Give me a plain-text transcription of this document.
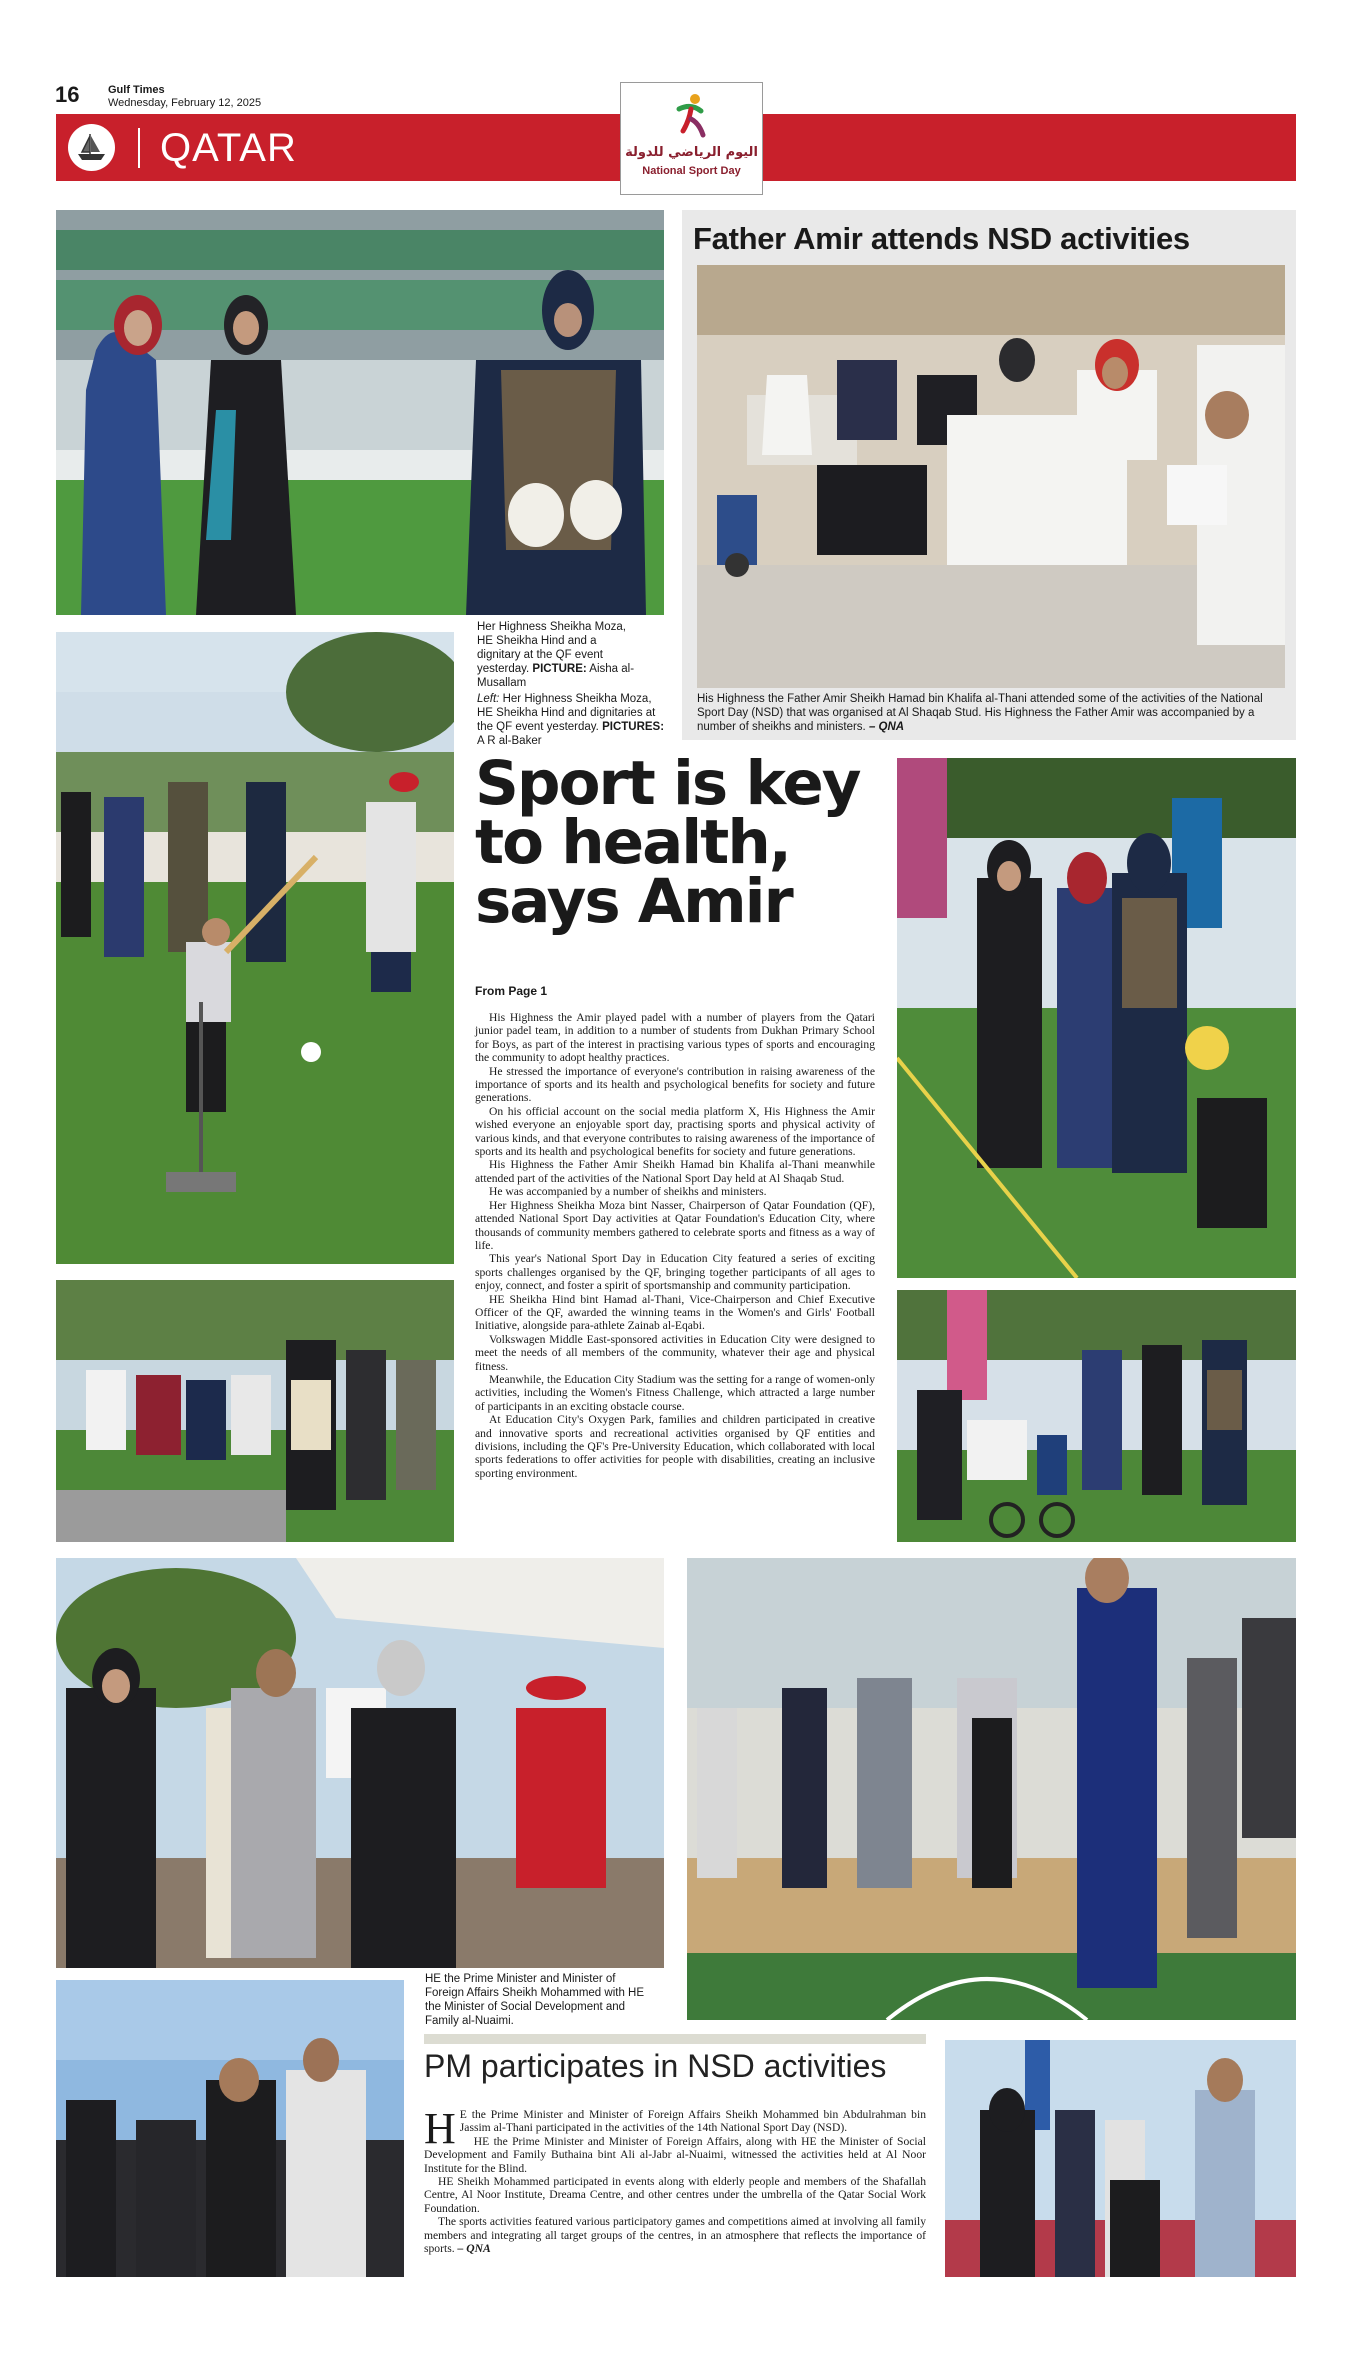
16	Gulf Times
Wednesday, February 12, 2025
QATAR	اليوم الرياضي للدولة
National Sport Day
Father Amir attends NSD activities
His Highness the Father Amir Sheikh Hamad bin Khalifa al-Thani attended some of the activities of the National Sport Day (NSD) that was organised at Al Shaqab Stud. His Highness the Father Amir was accompanied by a number of sheikhs and ministers. – QNA
Her Highness Sheikha Moza, HE Sheikha Hind and a dignitary at the QF event yesterday. PICTURE: Aisha al-Musallam
Left: Her Highness Sheikha Moza, HE Sheikha Hind and dignitaries at the QF event yesterday. PICTURES: A R al-Baker
Sport is key to health, says Amir
From Page 1

His Highness the Amir played padel with a number of players from the Qatari junior padel team, in addition to a number of students from Dukhan Primary School for Boys, as part of the interest in practising various types of sports and encouraging the community to adopt healthy practices.

He stressed the importance of everyone's contribution in raising awareness of the importance of sports and its health and psychological benefits for society and future generations.

On his official account on the social media platform X, His Highness the Amir wished everyone an enjoyable sport day, practising sports and physical activity of various kinds, and that everyone contributes to raising awareness of the importance of sports and its health and psychological benefits for society and future generations.

His Highness the Father Amir Sheikh Hamad bin Khalifa al-Thani meanwhile attended part of the activities of the National Sport Day held at Al Shaqab Stud.

He was accompanied by a number of sheikhs and ministers.

Her Highness Sheikha Moza bint Nasser, Chairperson of Qatar Foundation (QF), attended National Sport Day activities at Qatar Foundation's Education City, where thousands of community members gathered to celebrate sports and fitness as a way of life.

This year's National Sport Day in Education City featured a series of exciting sports challenges organised by the QF, bringing together participants of all ages to enjoy, connect, and foster a spirit of sportsmanship and community participation.

HE Sheikha Hind bint Hamad al-Thani, Vice-Chairperson and Chief Executive Officer of the QF, awarded the winning teams in the Women's and Girls' Football Initiative, alongside para-athlete Zainab al-Eqabi.

Volkswagen Middle East-sponsored activities in Education City were designed to meet the needs of all members of the community, whatever their age and physical fitness.

Meanwhile, the Education City Stadium was the setting for a range of women-only activities, including the Women's Fitness Challenge, which attracted a large number of participants in an exciting obstacle course.

At Education City's Oxygen Park, families and children participated in creative and innovative sports and recreational activities organised by QF entities and divisions, including the QF's Pre-University Education, which collaborated with local sports federations to offer activities for people with disabilities, creating an inclusive sporting environment.

HE the Prime Minister and Minister of Foreign Affairs Sheikh Mohammed with HE the Minister of Social Development and Family al-Nuaimi.
PM participates in NSD activities

H E the Prime Minister and Minister of Foreign Affairs Sheikh Mohammed bin Abdulrahman bin Jassim al-Thani participated in the activities of the 14th National Sport Day (NSD).

HE the Prime Minister and Minister of Foreign Affairs, along with HE the Minister of Social Development and Family Buthaina bint Ali al-Jabr al-Nuaimi, witnessed the activities held at Al Noor Institute for the Blind.

HE Sheikh Mohammed participated in events along with elderly people and members of the Shafallah Centre, Al Noor Institute, Dreama Centre, and other centres under the umbrella of the Qatar Social Work Foundation.

The sports activities featured various participatory games and competitions aimed at involving all family members and integrating all target groups of the centres, in an atmosphere that reflects the importance of sports. – QNA
